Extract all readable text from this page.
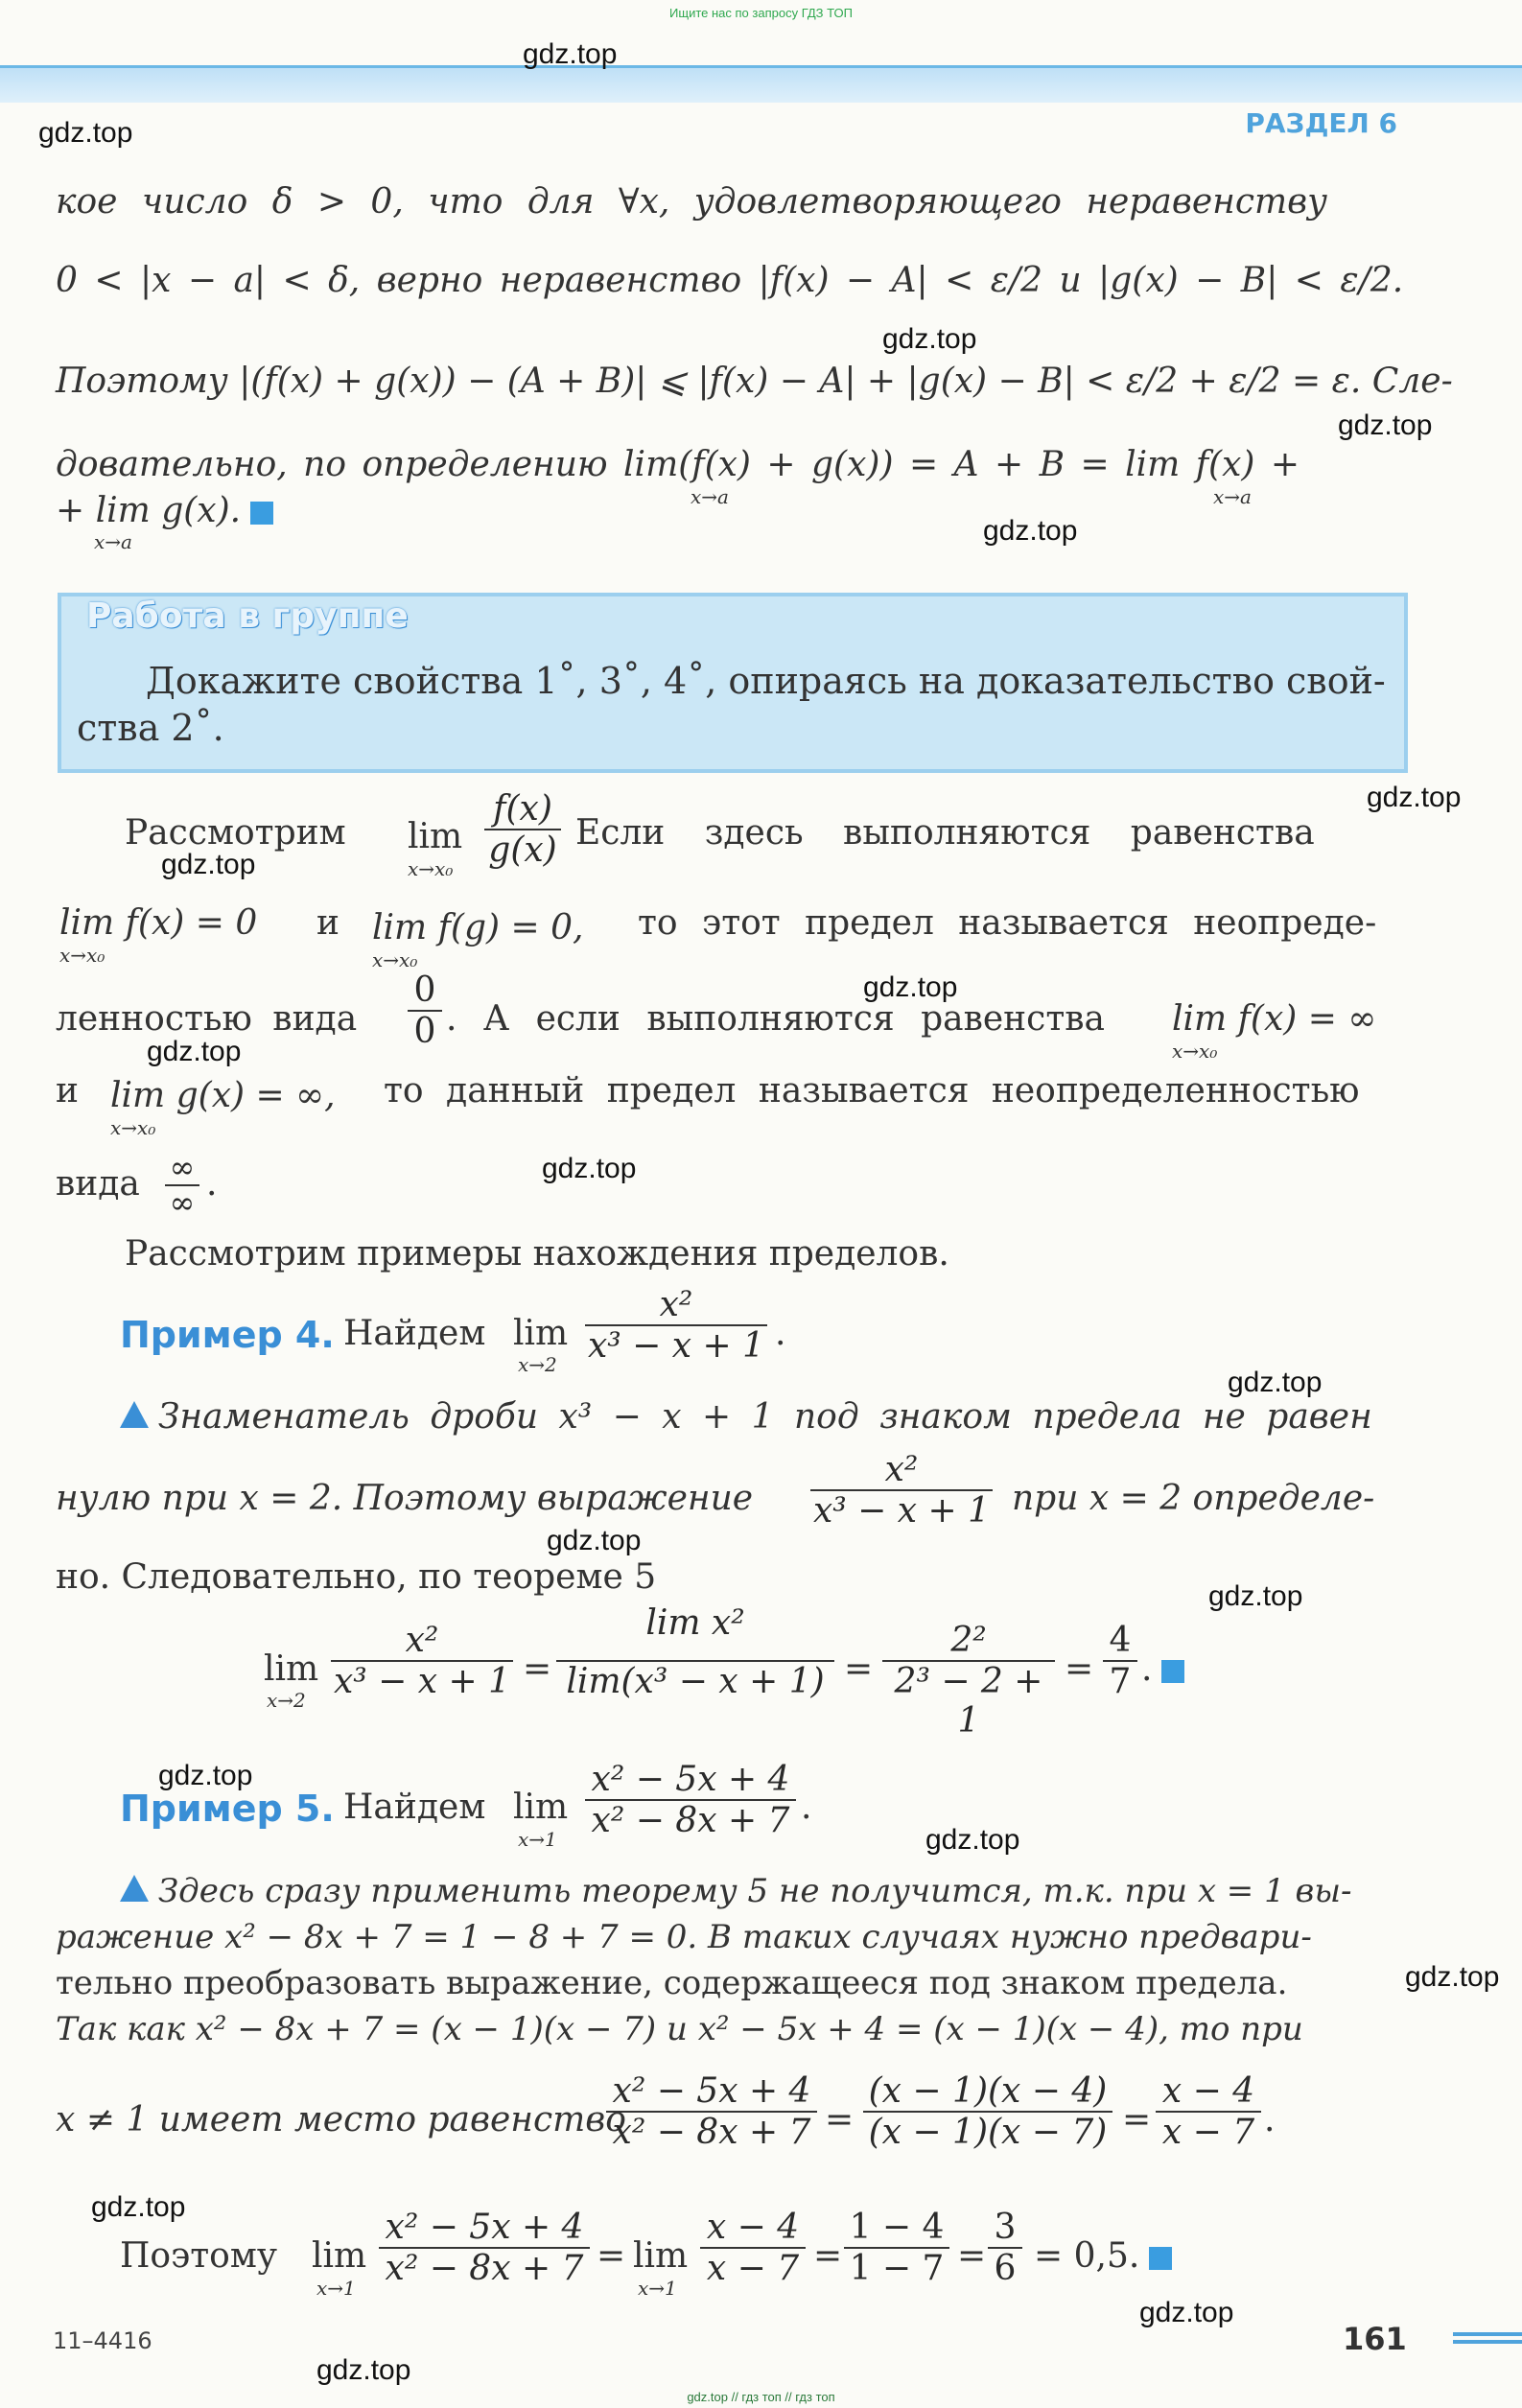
Ищите нас по запросу ГДЗ ТОП
РАЗДЕЛ 6
gdz.top
gdz.top
gdz.top
gdz.top
gdz.top
gdz.top
gdz.top
gdz.top
gdz.top
gdz.top
gdz.top
gdz.top
gdz.top
gdz.top
gdz.top
gdz.top
gdz.top
gdz.top
gdz.top
кое число δ > 0, что для ∀x, удовлетворяющего неравенству
0 < |x − a| < δ, верно неравенство |f(x) − A| < ε/2 и |g(x) − B| < ε/2.
Поэтому |(f(x) + g(x)) − (A + B)| ⩽ |f(x) − A| + |g(x) − B| < ε/2 + ε/2 = ε. Сле-
довательно, по определению lim(f(x) + g(x)) = A + B = lim f(x) +
x→a	x→a
+ lim g(x).
x→a
Работа в группе
Докажите свойства 1˚, 3˚, 4˚, опираясь на доказательство свой-
ства 2˚.
Рассмотрим lim
$x\to x_0 \frac{f(x)}{g(x)}$ Если здесь выполняются равенства
lim f(x) = 0
x→x₀
и lim f(g) = 0,
x→x₀
то этот предел называется неопреде-
ленностью вида $\frac{0}{0}$ . А если выполняются равенства lim f(x) = ∞
x→x₀
и lim g(x) = ∞,
x→x₀
то данный предел называется неопределенностью
вида ∞
∞ .
Рассмотрим примеры нахождения пределов.
Пример 4. Найдем lim
$x\to 2 \frac{\text{x²}}{\text{x³ − x + 1}}$ .
Знаменатель дроби x³ − x + 1 под знаком предела не равен
нулю при x = 2. Поэтому выражение $\frac{\text{x²}}{\text{x³ − x + 1}}$ при x = 2 определе-
но. Следовательно, по теореме 5
lim
$x\to 2 \frac{\text{x²}}{\text{x³ − x + 1}} = \frac{\text{lim x²}}{\text{lim(x³ − x + 1)}} = \frac{\text{2²}}{\text{2³ − 2 + 1}} = \frac{4}{7}$ .
Пример 5. Найдем lim
$x\to 1 \frac{\text{x² − 5x + 4}}{\text{x² − 8x + 7}}$ .
Здесь сразу применить теорему 5 не получится, т.к. при x = 1 вы-
ражение x² − 8x + 7 = 1 − 8 + 7 = 0. В таких случаях нужно предвари-
тельно преобразовать выражение, содержащееся под знаком предела.
Так как x² − 8x + 7 = (x − 1)(x − 7) и x² − 5x + 4 = (x − 1)(x − 4), то при
x ≠ 1 имеет место равенство
$\frac{\text{x² − 5x + 4}}{\text{x² − 8x + 7}} = \frac{(x - 1)(x - 4)}{(x - 1)(x - 7)} = \frac{x - 4}{x - 7}$ .
Поэтому lim
$x\to 1 \frac{\text{x² − 5x + 4}}{\text{x² − 8x + 7}} = \lim$
$x\to 1 \frac{x - 4}{x - 7} = \frac{1 - 4}{1 - 7} = \frac{3}{6} = 0,5$.
11–4416	161
gdz.top // гдз топ // гдз топ
